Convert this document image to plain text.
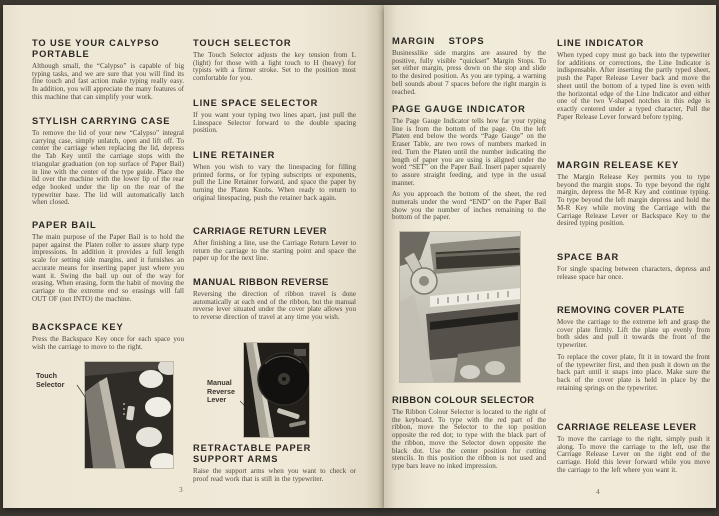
TO USE YOUR CALYPSO PORTABLE

Although small, the “Calypso” is capable of big typing tasks, and we are sure that you will find its fine touch and fast action make typing really easy. In addition, you will appreciate the many features of this machine that can simplify your work.

STYLISH CARRYING CASE

To remove the lid of your new “Calypso” integral carrying case, simply unlatch, open and lift off. To center the carriage when replacing the lid, depress the Tab Key until the carriage stops with the triangular graduation (on top surface of Paper Bail) in line with the center of the type guide. Place the lid over the machine with the lower lip of the rear edge hooked under the lip on the rear of the typewriter base. The lid will automatically latch when closed.

PAPER BAIL

The main purpose of the Paper Bail is to hold the paper against the Platen roller to assure sharp type impressions. In addition it provides a full length scale for setting side margins, and it furnishes an accurate means for inserting paper just where you want it. Swing the bail up out of the way for erasing. When erasing, form the habit of moving the carriage to the extreme end so erasings will fall OUT OF (not INTO) the machine.

BACKSPACE KEY

Press the Backspace Key once for each space you wish the carriage to move to the right.

Touch Selector
TOUCH SELECTOR

The Touch Selector adjusts the key tension from L (light) for those with a light touch to H (heavy) for typists with a firmer stroke. Set to the position most comfortable for you.

LINE SPACE SELECTOR

If you want your typing two lines apart, just pull the Linespace Selector forward to the double spacing position.

LINE RETAINER

When you wish to vary the linespacing for filling printed forms, or for typing subscripts or exponents, pull the Line Retainer forward, and space the paper by turning the Platen Knobs. When ready to return to original linespacing, push the retainer back again.

CARRIAGE RETURN LEVER

After finishing a line, use the Carriage Return Lever to return the carriage to the starting point and space the paper up for the next line.

MANUAL RIBBON REVERSE

Reversing the direction of ribbon travel is done automatically at each end of the ribbon, but the manual reverse lever situated under the cover plate allows you to reverse direction of travel at any time you wish.

Manual Reverse Lever
RETRACTABLE PAPER SUPPORT ARMS

Raise the support arms when you want to check or proof read work that is still in the typewriter.

3
MARGIN STOPS

Businesslike side margins are assured by the positive, fully visible “quickset” Margin Stops. To set either margin, press down on the stop and slide to the desired position. As you are typing, a warning bell sounds about 7 spaces before the right margin is reached.

PAGE GAUGE INDICATOR

The Page Gauge Indicator tells how far your typing line is from the bottom of the page. On the left Platen end below the words “Page Gauge” on the Eraser Table, are two rows of numbers marked in red. Turn the Platen until the number indicating the length of paper you are using is aligned under the word “SET” on the Paper Bail. Insert paper squarely to assure straight feeding, and type in the usual manner.

As you approach the bottom of the sheet, the red numerals under the word “END” on the Paper Bail show you the number of inches remaining to the bottom of the paper.

RIBBON COLOUR SELECTOR

The Ribbon Colour Selector is located to the right of the keyboard. To type with the red part of the ribbon, move the Selector to the top position opposite the red dot; to type with the black part of the ribbon, move the Selector down opposite the black dot. Use the center position for cutting stencils. In this position the ribbon is not used and type bars leave no inked impression.

LINE INDICATOR

When typed copy must go back into the typewriter for additions or corrections, the Line Indicator is indispensable. After inserting the partly typed sheet, push the Paper Release Lever back and move the sheet until the bottom of a typed line is even with the horizontal edge of the Line Indicator and either one of the two V-shaped notches in this edge is exactly centered under a typed character, Pull the Paper Release Lever forward before typing.

MARGIN RELEASE KEY

The Margin Release Key permits you to type beyond the margin stops. To type beyond the right margin, depress the M-R Key and continue typing. To type beyond the left margin depress and hold the M-R Key while moving the Carriage with the Carriage Release Lever or Backspace Key to the desired typing position.

SPACE BAR

For single spacing between characters, depress and release space bar once.

REMOVING COVER PLATE

Move the carriage to the extreme left and grasp the cover plate firmly. Lift the plate up evenly from both sides and pull it towards the front of the typewriter.

To replace the cover plate, fit it in toward the front of the typewriter first, and then push it down on the back part until it snaps into place. Make sure the back of the cover plate is held in place by the retaining springs on the typewriter.

CARRIAGE RELEASE LEVER

To move the carriage to the right, simply push it along. To move the carriage to the left, use the Carriage Release Lever on the right end of the carriage. Hold this lever forward while you move the carriage to the left where you want it.

4
